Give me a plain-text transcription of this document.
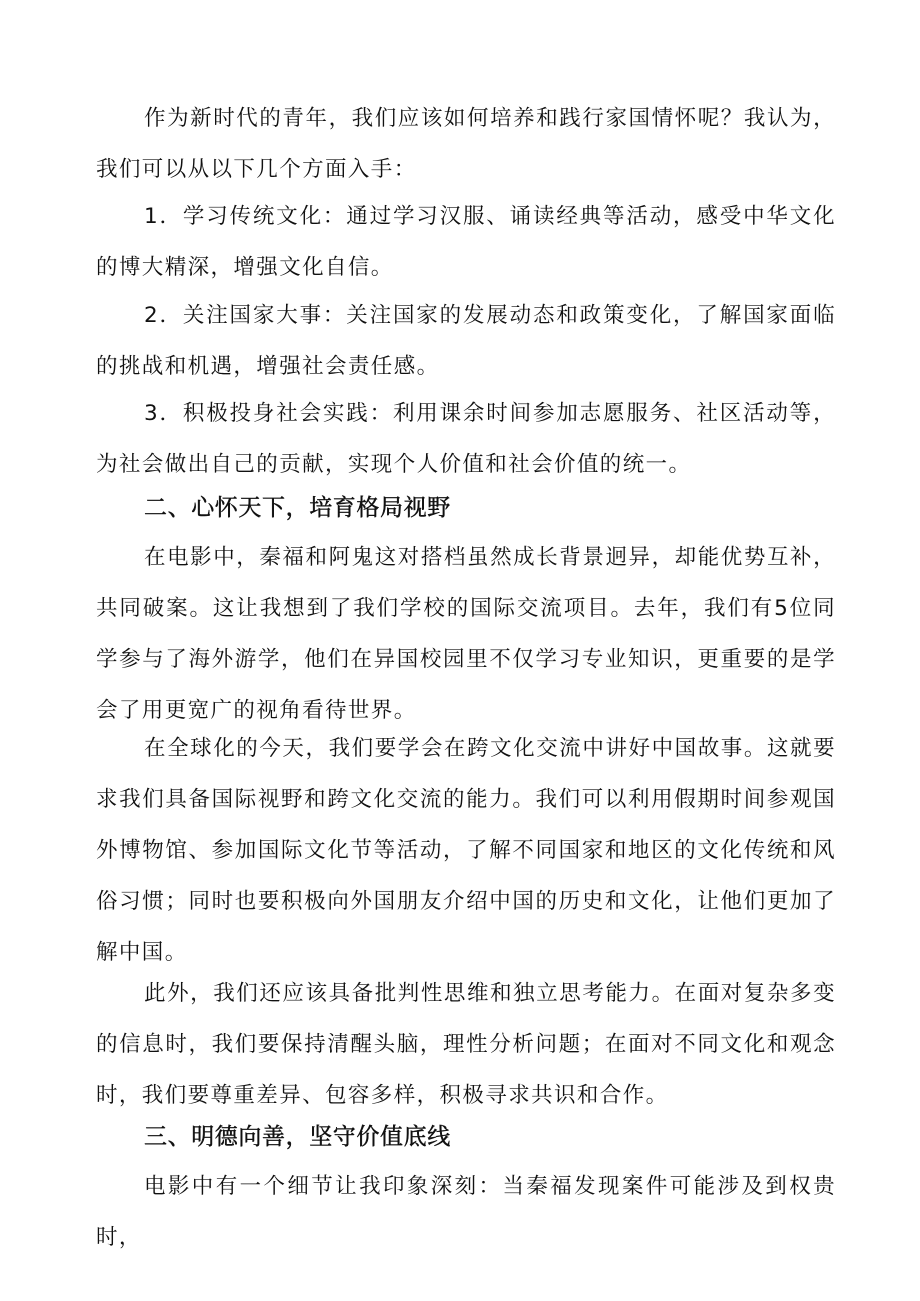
作为新时代的青年，我们应该如何培养和践行家国情怀呢？我认为，我们可以从以下几个方面入手：

1．学习传统文化：通过学习汉服、诵读经典等活动，感受中华文化的博大精深，增强文化自信。

2．关注国家大事：关注国家的发展动态和政策变化，了解国家面临的挑战和机遇，增强社会责任感。

3．积极投身社会实践：利用课余时间参加志愿服务、社区活动等，为社会做出自己的贡献，实现个人价值和社会价值的统一。

二、心怀天下，培育格局视野

在电影中，秦福和阿鬼这对搭档虽然成长背景迥异，却能优势互补，共同破案。这让我想到了我们学校的国际交流项目。去年，我们有5位同学参与了海外游学，他们在异国校园里不仅学习专业知识，更重要的是学会了用更宽广的视角看待世界。

在全球化的今天，我们要学会在跨文化交流中讲好中国故事。这就要求我们具备国际视野和跨文化交流的能力。我们可以利用假期时间参观国外博物馆、参加国际文化节等活动，了解不同国家和地区的文化传统和风俗习惯；同时也要积极向外国朋友介绍中国的历史和文化，让他们更加了解中国。

此外，我们还应该具备批判性思维和独立思考能力。在面对复杂多变的信息时，我们要保持清醒头脑，理性分析问题；在面对不同文化和观念时，我们要尊重差异、包容多样，积极寻求共识和合作。

三、明德向善，坚守价值底线

电影中有一个细节让我印象深刻：当秦福发现案件可能涉及到权贵时，
